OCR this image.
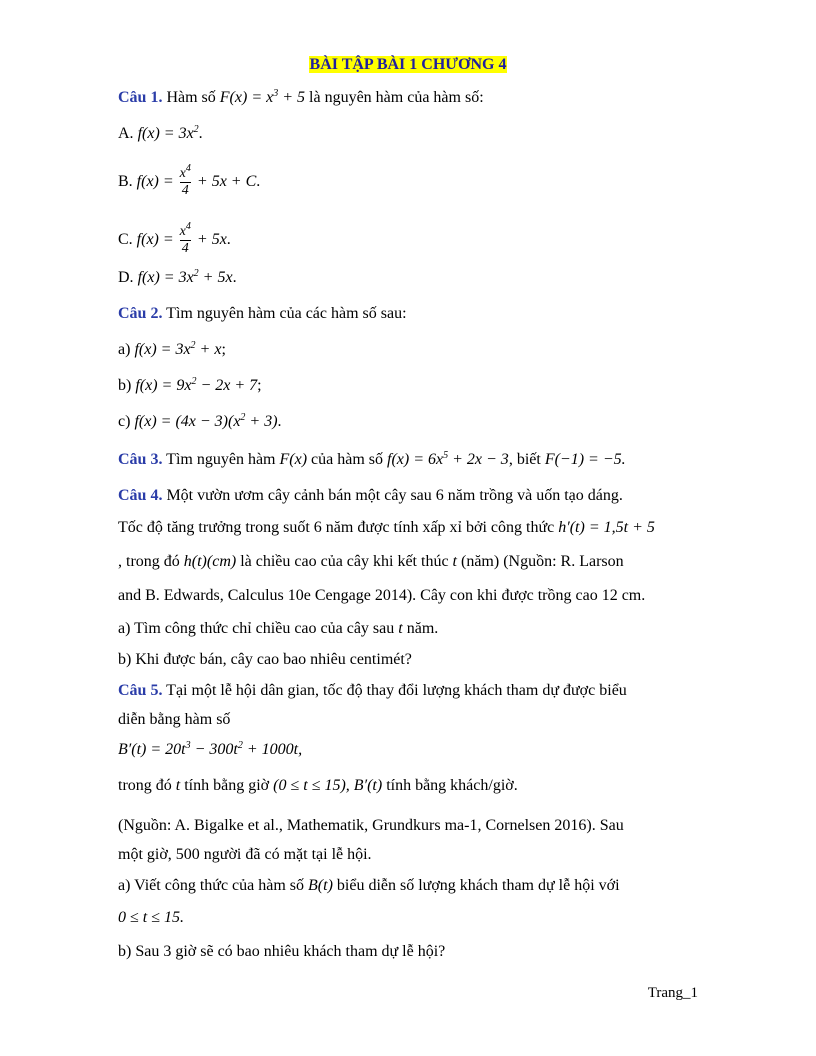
BÀI TẬP BÀI 1 CHƯƠNG 4
Câu 1. Hàm số $F(x) = x^3 + 5$ là nguyên hàm của hàm số:
A. $f(x) = 3x^2$.
B. $f(x) = \frac{x^4}{4} + 5x + C$.
C. $f(x) = \frac{x^4}{4} + 5x$.
D. $f(x) = 3x^2 + 5x$.
Câu 2. Tìm nguyên hàm của các hàm số sau:
a) $f(x) = 3x^2 + x$;
b) $f(x) = 9x^2 - 2x + 7$;
c) $f(x) = (4x - 3)(x^2 + 3)$.
Câu 3. Tìm nguyên hàm F(x) của hàm số $f(x) = 6x^5 + 2x - 3$, biết F(−1) = −5.
Câu 4. Một vườn ươm cây cảnh bán một cây sau 6 năm trồng và uốn tạo dáng.
Tốc độ tăng trưởng trong suốt 6 năm được tính xấp xỉ bởi công thức h′(t) = 1,5t + 5
, trong đó h(t)(cm) là chiều cao của cây khi kết thúc t (năm) (Nguồn: R. Larson
and B. Edwards, Calculus 10e Cengage 2014). Cây con khi được trồng cao 12 cm.
a) Tìm công thức chỉ chiều cao của cây sau t năm.
b) Khi được bán, cây cao bao nhiêu centimét?
Câu 5. Tại một lễ hội dân gian, tốc độ thay đổi lượng khách tham dự được biểu
diễn bằng hàm số
$B'(t) = 20t^3 - 300t^2 + 1000t$,
trong đó t tính bằng giờ (0 ≤ t ≤ 15), B′(t) tính bằng khách/giờ.
(Nguồn: A. Bigalke et al., Mathematik, Grundkurs ma-1, Cornelsen 2016). Sau
một giờ, 500 người đã có mặt tại lễ hội.
a) Viết công thức của hàm số B(t) biểu diễn số lượng khách tham dự lễ hội với
0 ≤ t ≤ 15.
b) Sau 3 giờ sẽ có bao nhiêu khách tham dự lễ hội?
Trang_1
